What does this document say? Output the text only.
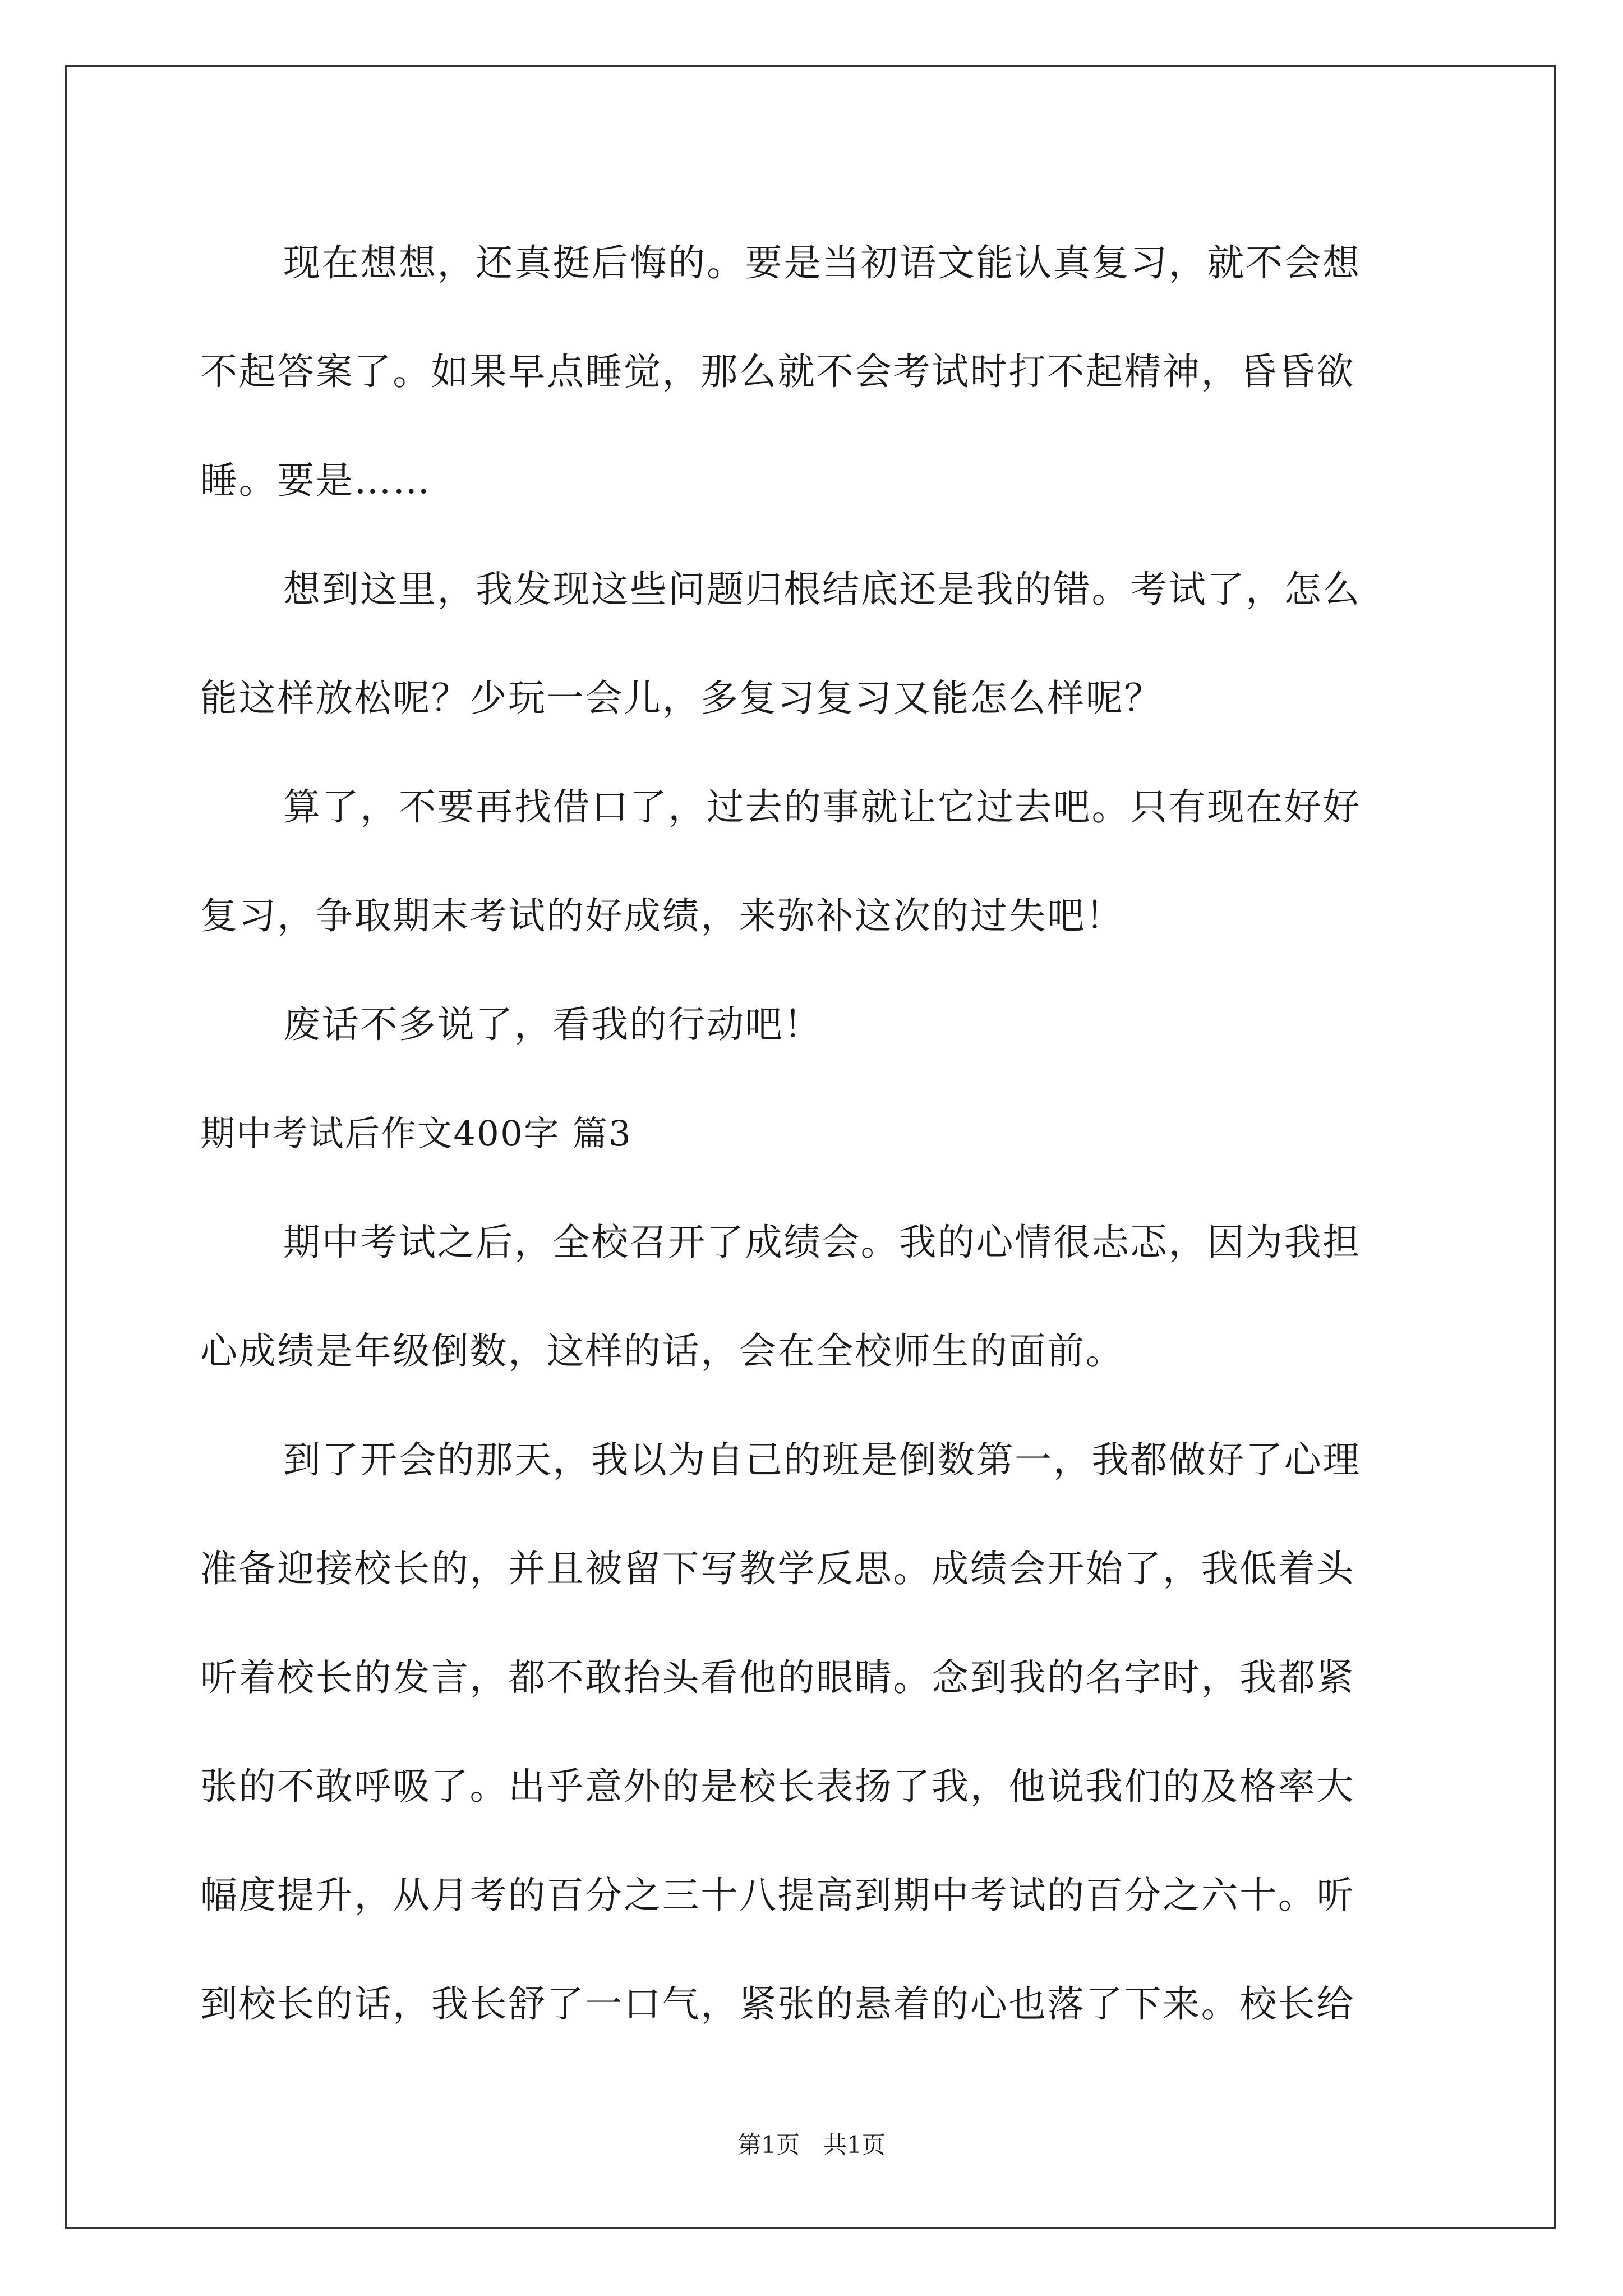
现在想想，还真挺后悔的。要是当初语文能认真复习，就不会想
不起答案了。如果早点睡觉，那么就不会考试时打不起精神，昏昏欲
睡。要是……
想到这里，我发现这些问题归根结底还是我的错。考试了，怎么
能这样放松呢？少玩一会儿，多复习复习又能怎么样呢？
算了，不要再找借口了，过去的事就让它过去吧。只有现在好好
复习，争取期末考试的好成绩，来弥补这次的过失吧！
废话不多说了，看我的行动吧！
期中考试后作文400字 篇3
期中考试之后，全校召开了成绩会。我的心情很忐忑，因为我担
心成绩是年级倒数，这样的话，会在全校师生的面前。
到了开会的那天，我以为自己的班是倒数第一，我都做好了心理
准备迎接校长的，并且被留下写教学反思。成绩会开始了，我低着头
听着校长的发言，都不敢抬头看他的眼睛。念到我的名字时，我都紧
张的不敢呼吸了。出乎意外的是校长表扬了我，他说我们的及格率大
幅度提升，从月考的百分之三十八提高到期中考试的百分之六十。听
到校长的话，我长舒了一口气，紧张的悬着的心也落了下来。校长给
第1页　共1页
